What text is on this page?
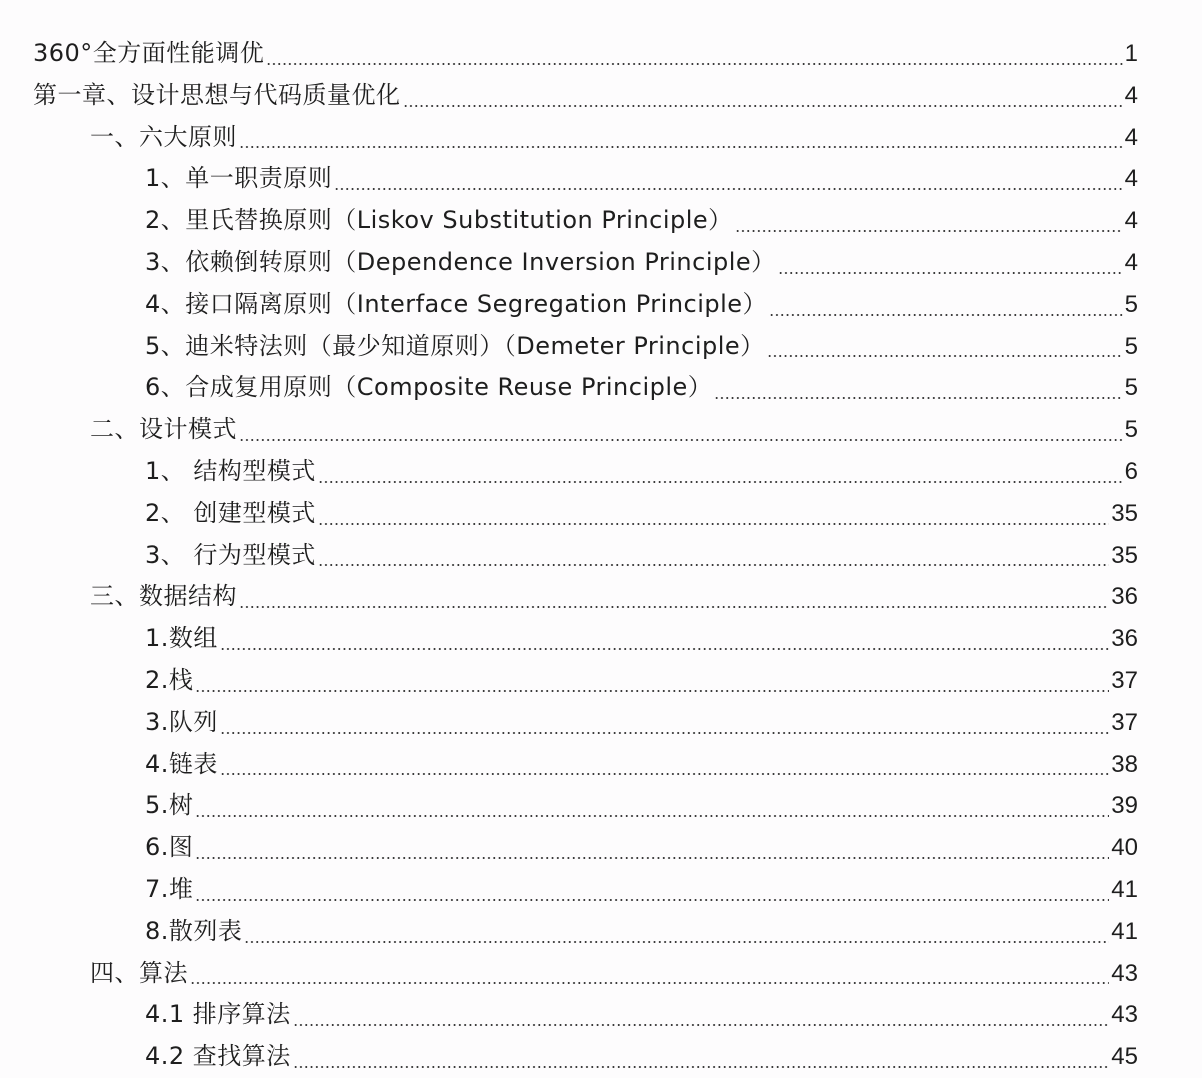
360°全方面性能调优	1
第一章、设计思想与代码质量优化	4
一、六大原则	4
1、单一职责原则	4
2、里氏替换原则（Liskov Substitution Principle）	4
3、依赖倒转原则（Dependence Inversion Principle）	4
4、接口隔离原则（Interface Segregation Principle）	5
5、迪米特法则（最少知道原则）（Demeter Principle）	5
6、合成复用原则（Composite Reuse Principle）	5
二、设计模式	5
1、 结构型模式	6
2、 创建型模式	35
3、 行为型模式	35
三、数据结构	36
1.数组	36
2.栈	37
3.队列	37
4.链表	38
5.树	39
6.图	40
7.堆	41
8.散列表	41
四、算法	43
4.1 排序算法	43
4.2 查找算法	45
